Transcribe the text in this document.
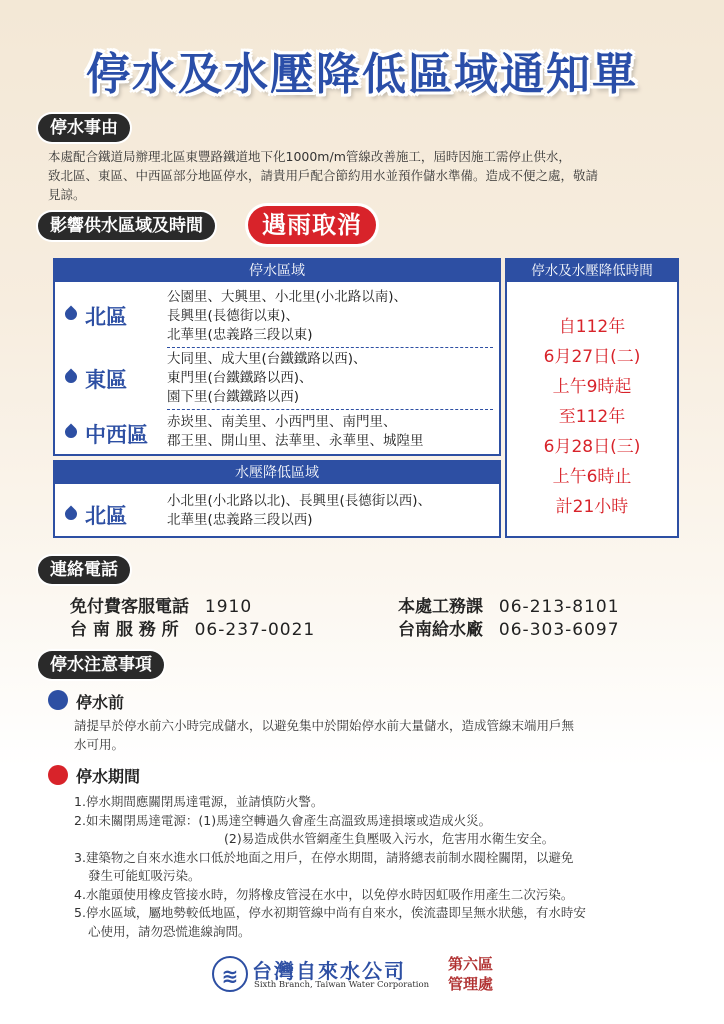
停水及水壓降低區域通知單
停水事由
本處配合鐵道局辦理北區東豐路鐵道地下化1000m/m管線改善施工，屆時因施工需停止供水，
致北區、東區、中西區部分地區停水，請貴用戶配合節約用水並預作儲水準備。造成不便之處，敬請
見諒。
影響供水區域及時間	遇雨取消
停水區域
北區
公園里、大興里、小北里(小北路以南)、
長興里(長德街以東)、
北華里(忠義路三段以東)
東區
大同里、成大里(台鐵鐵路以西)、
東門里(台鐵鐵路以西)、
園下里(台鐵鐵路以西)
中西區
赤崁里、南美里、小西門里、南門里、
郡王里、開山里、法華里、永華里、城隍里
水壓降低區域
北區
小北里(小北路以北)、長興里(長德街以西)、
北華里(忠義路三段以西)
停水及水壓降低時間
自112年
6月27日(二)
上午9時起
至112年
6月28日(三)
上午6時止
計21小時
連絡電話
免付費客服電話 1910	本處工務課 06-213-8101
台 南 服 務 所 06-237-0021	台南給水廠 06-303-6097
停水注意事項
停水前
請提早於停水前六小時完成儲水，以避免集中於開始停水前大量儲水，造成管線末端用戶無
水可用。
停水期間
1.停水期間應關閉馬達電源，並請慎防火警。
2.如未關閉馬達電源：(1)馬達空轉過久會產生高溫致馬達損壞或造成火災。
(2)易造成供水管網產生負壓吸入污水，危害用水衛生安全。
3.建築物之自來水進水口低於地面之用戶，在停水期間，請將總表前制水閥栓關閉，以避免
發生可能虹吸污染。
4.水龍頭使用橡皮管接水時，勿將橡皮管浸在水中，以免停水時因虹吸作用產生二次污染。
5.停水區域，屬地勢較低地區，停水初期管線中尚有自來水，俟流盡即呈無水狀態，有水時安
心使用，請勿恐慌進線詢問。
≋ 台灣自來水公司
Sixth Branch, Taiwan Water Corporation
第六區
管理處
